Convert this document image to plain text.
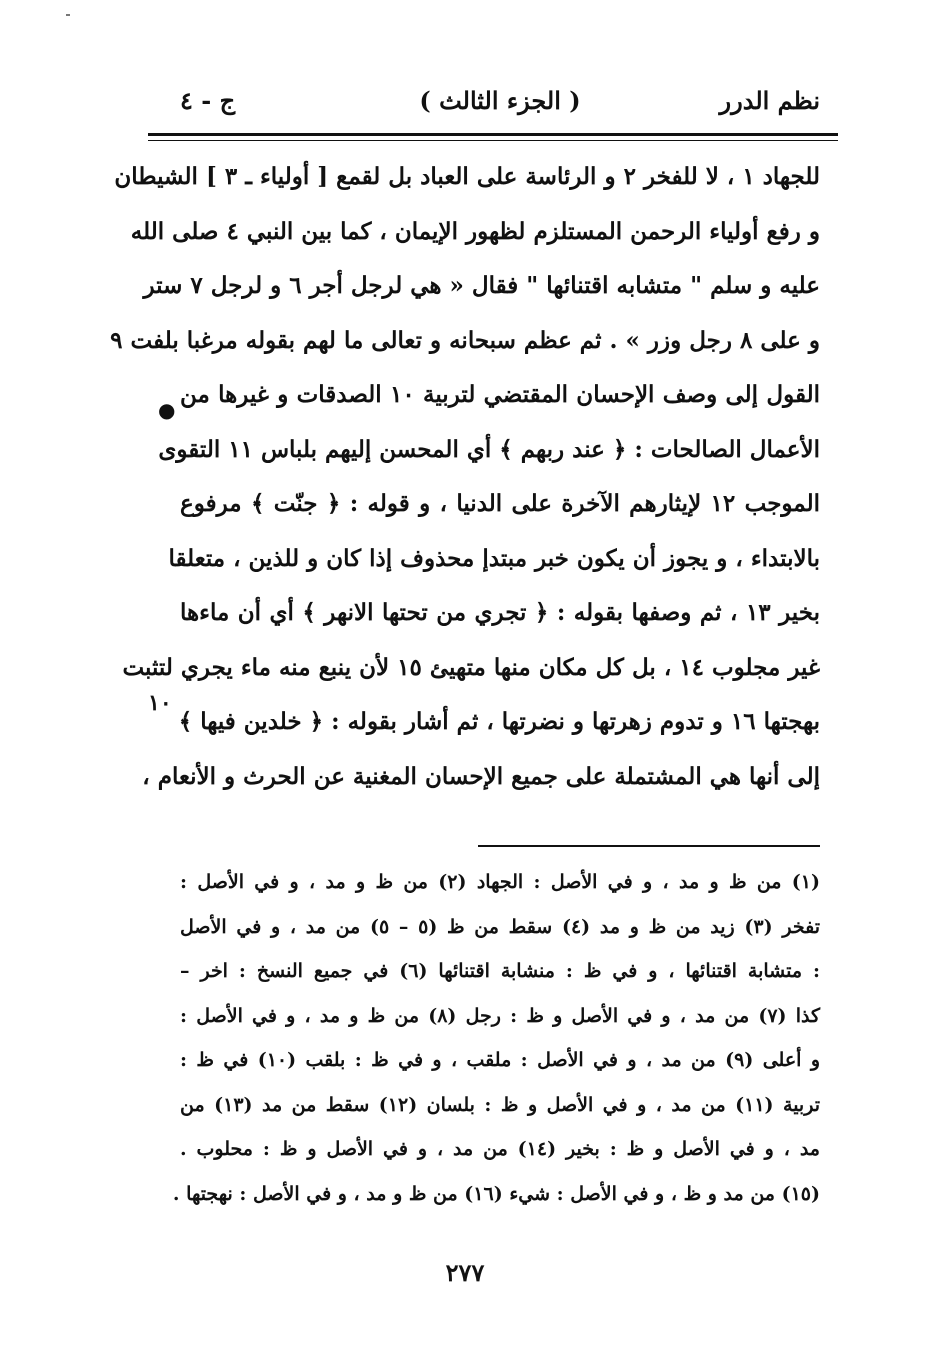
نظم الدرر
( الجزء الثالث )
ج - ٤
للجهاد ١ ، لا للفخر ٢ و الرئاسة على العباد بل لقمع [ أولياء ـ ٣ ] الشيطان
و رفع أولياء الرحمن المستلزم لظهور الإيمان ، كما بين النبي ٤ صلى الله
عليه و سلم " متشابه اقتنائها " فقال « هي لرجل أجر ٦ و لرجل ٧ ستر
و على ٨ رجل وزر » . ثم عظم سبحانه و تعالى ما لهم بقوله مرغبا بلفت ٩
القول إلى وصف الإحسان المقتضي لتربية ١٠ الصدقات و غيرها من
الأعمال الصالحات : ﴿ عند ربهم ﴾ أي المحسن إليهم بلباس ١١ التقوى
الموجب ١٢ لإيثارهم الآخرة على الدنيا ، و قوله : ﴿ جنّت ﴾ مرفوع
بالابتداء ، و يجوز أن يكون خبر مبتدإ محذوف إذا كان و للذين ، متعلقا
بخير ١٣ ، ثم وصفها بقوله : ﴿ تجري من تحتها الانهر ﴾ أي أن ماءها
غير مجلوب ١٤ ، بل كل مكان منها متهيئ ١٥ لأن ينبع منه ماء يجري لتثبت
بهجتها ١٦ و تدوم زهرتها و نضرتها ، ثم أشار بقوله : ﴿ خلدين فيها ﴾
إلى أنها هي المشتملة على جميع الإحسان المغنية عن الحرث و الأنعام ،
●
١٠
(١) من ظ و مد ، و في الأصل : الجهاد (٢) من ظ و مد ، و في الأصل :
تفخر (٣) زيد من ظ و مد (٤) سقط من ظ (٥ – ٥) من مد ، و في الأصل
: متشابة اقتنائها ، و في ظ : منشابة اقتنائها (٦) في جميع النسخ : اخر –
كذا (٧) من مد ، و في الأصل و ظ : رجل (٨) من ظ و مد ، و في الأصل :
و أعلى (٩) من مد ، و في الأصل : ملقب ، و في ظ : بلقب (١٠) في ظ :
تربية (١١) من مد ، و في الأصل و ظ : بلسان (١٢) سقط من مد (١٣) من
مد ، و في الأصل و ظ : بخير (١٤) من مد ، و في الأصل و ظ : محلوب .
(١٥) من مد و ظ ، و في الأصل : شيء (١٦) من ظ و مد ، و في الأصل : نهجتها .
٢٧٧
